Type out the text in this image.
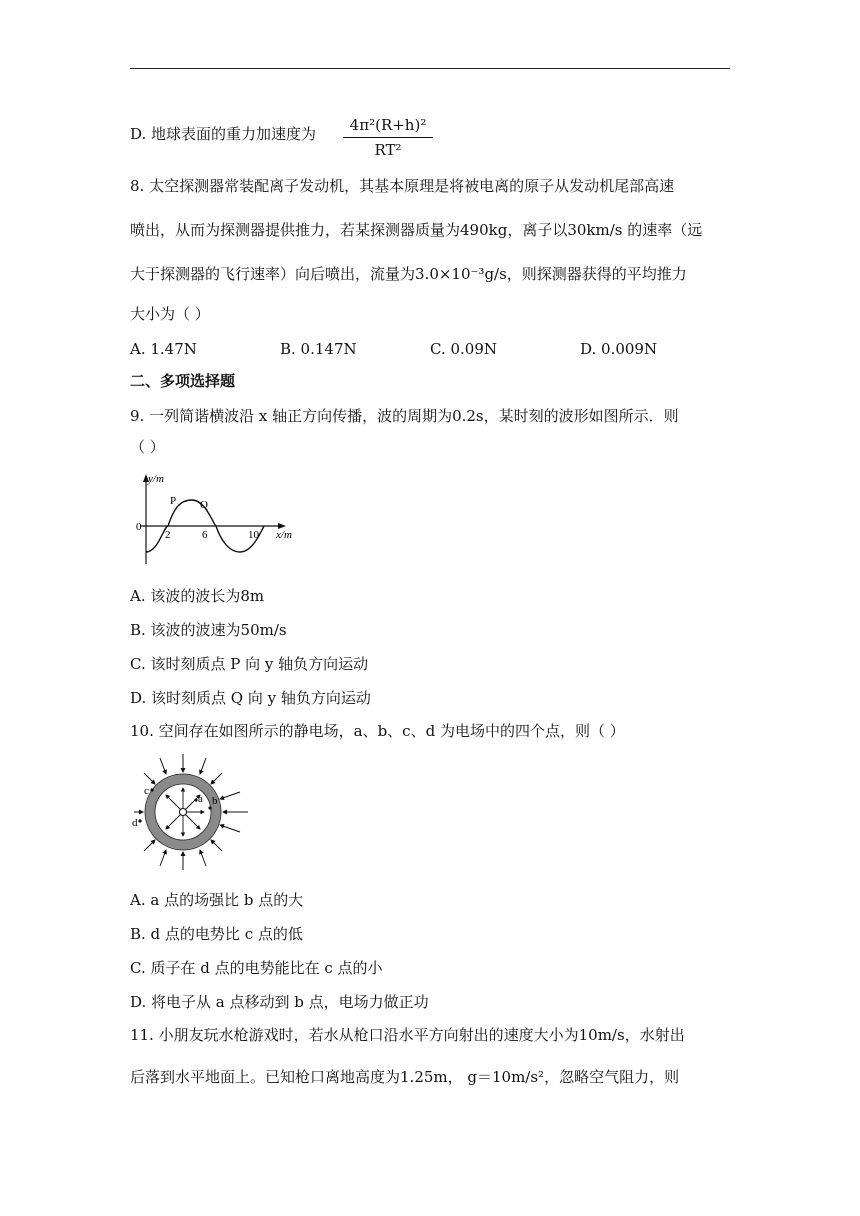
D. 地球表面的重力加速度为 $\frac{\text{4π²(R+h)²}}{\text{RT²}}$
8. 太空探测器常装配离子发动机，其基本原理是将被电离的原子从发动机尾部高速
喷出，从而为探测器提供推力，若某探测器质量为490kg，离子以30km/s 的速率（远
大于探测器的飞行速率）向后喷出，流量为3.0×10⁻³g/s，则探测器获得的平均推力
大小为（ ）
A. 1.47N	B. 0.147N	C. 0.09N	D. 0.009N
二、多项选择题
9. 一列简谐横波沿 x 轴正方向传播，波的周期为0.2s，某时刻的波形如图所示．则
（ ）
y/m
x/m
0
2	6	10
P Q
A. 该波的波长为8m
B. 该波的波速为50m/s
C. 该时刻质点 P 向 y 轴负方向运动
D. 该时刻质点 Q 向 y 轴负方向运动
10. 空间存在如图所示的静电场，a、b、c、d 为电场中的四个点，则（ ）
a b
c
d
A. a 点的场强比 b 点的大
B. d 点的电势比 c 点的低
C. 质子在 d 点的电势能比在 c 点的小
D. 将电子从 a 点移动到 b 点，电场力做正功
11. 小朋友玩水枪游戏时，若水从枪口沿水平方向射出的速度大小为10m/s，水射出
后落到水平地面上。已知枪口离地高度为1.25m， g＝10m/s²，忽略空气阻力，则
